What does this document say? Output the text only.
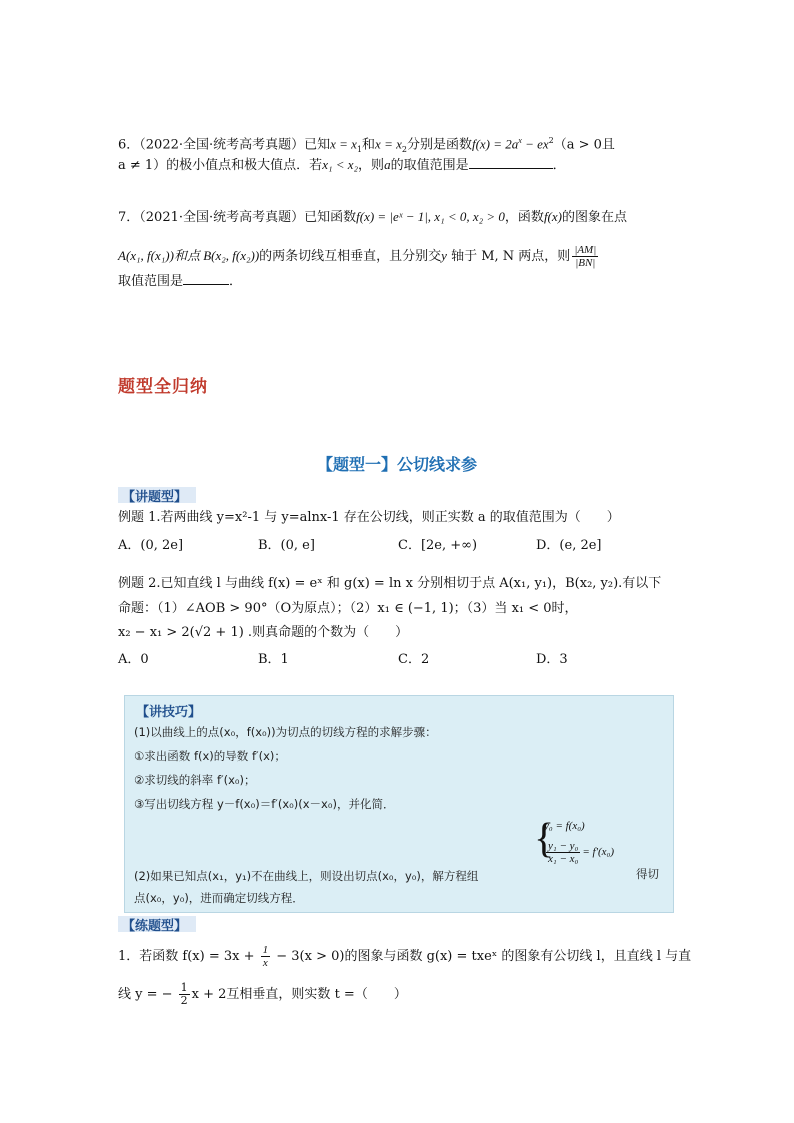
6．（2022·全国·统考高考真题）已知$x = x_1$和$x = x_2$分别是函数$f(x) = 2a^x - ex^2(a > 0$且
a ≠ 1）的极小值点和极大值点．若x₁ < x₂，则a的取值范围是	．
7．（2021·全国·统考高考真题）已知函数f(x) = |eˣ − 1|, x₁ < 0, x₂ > 0，函数f(x)的图象在点
A(x₁, f(x₁))和点 B(x₂, f(x₂))的两条切线互相垂直，且分别交y 轴于 M, N 两点，则 $\frac{|AM|}{|BN|}$
取值范围是	．
题型全归纳
【题型一】公切线求参
【讲题型】
例题 1.若两曲线 y=x²-1 与 y=alnx-1 存在公切线，则正实数 a 的取值范围为（　　）
A．(0, 2e]	B．(0, e]	C．[2e, +∞)	D．(e, 2e]
例题 2.已知直线 l 与曲线 f(x) = eˣ 和 g(x) = ln x 分别相切于点 A(x₁, y₁)，B(x₂, y₂).有以下
命题：（1）∠AOB > 90°（O为原点）；（2）x₁ ∈ (−1, 1)；（3）当 x₁ < 0时，
x₂ − x₁ > 2(√2 + 1) .则真命题的个数为（　　）
A．0	B．1	C．2	D．3
【讲技巧】
(1)以曲线上的点(x₀，f(x₀))为切点的切线方程的求解步骤：
①求出函数 f(x)的导数 f′(x)；
②求切线的斜率 f′(x₀)；
③写出切线方程 y－f(x₀)＝f′(x₀)(x－x₀)，并化简．
{
y₀ = f(x₀)
$\frac{\text{y₁ − y₀}}{\text{x₁ − x₀}} = f'(x_0)$
(2)如果已知点(x₁，y₁)不在曲线上，则设出切点(x₀，y₀)，解方程组	得切
点(x₀，y₀)，进而确定切线方程．
【练题型】
1．若函数 $f(x) = 3x + \frac{1}{x} - 3(x > 0)$的图象与函数 g(x) = txeˣ 的图象有公切线 l，且直线 l 与直
线 y = − $\frac{1}{2}$ x + 2互相垂直，则实数 t =（　　）
